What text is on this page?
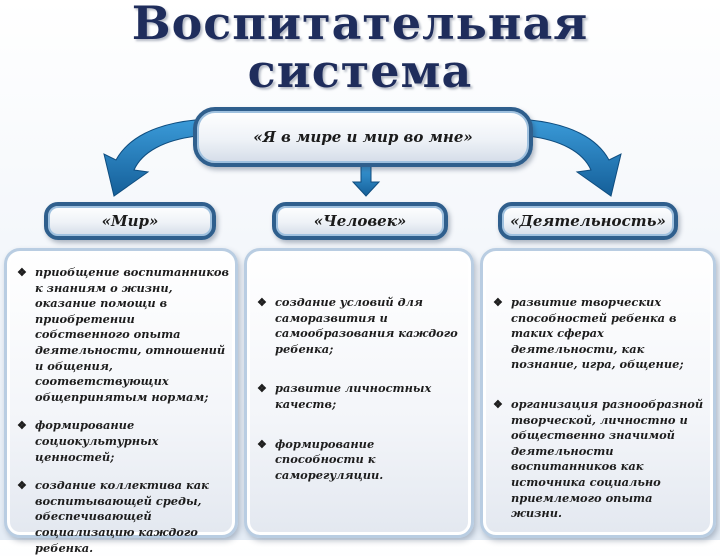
Воспитательная
система
«Я в мире и мир во мне»
«Мир»	«Человек»	«Деятельность»
❖ приобщение воспитанников к знаниям о жизни, оказание помощи в приобретении собственного опыта деятельности, отношений и общения, соответствующих общепринятым нормам;
❖ формирование социокультурных ценностей;
❖ создание коллектива как воспитывающей среды, обеспечивающей социализацию каждого ребенка.
❖ создание условий для саморазвития и самообразования каждого ребенка;
❖ развитие личностных качеств;
❖ формирование способности к саморегуляции.
❖ развитие творческих способностей ребенка в таких сферах деятельности, как познание, игра, общение;
❖ организация разнообразной творческой, личностно и общественно значимой деятельности воспитанников как источника социально приемлемого опыта жизни.
